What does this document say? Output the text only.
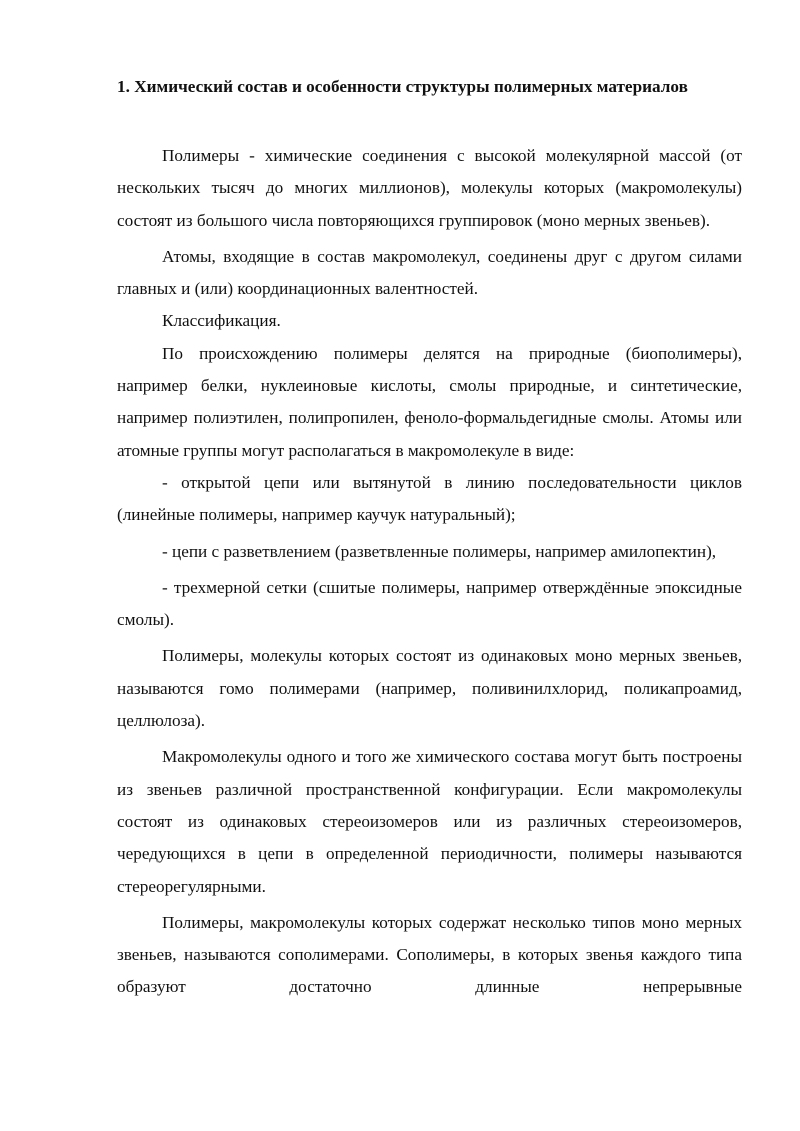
1. Химический состав и особенности структуры полимерных материалов

Полимеры - химические соединения с высокой молекулярной массой (от нескольких тысяч до многих миллионов), молекулы которых (макромолекулы) состоят из большого числа повторяющихся группировок (моно мерных звеньев).

Атомы, входящие в состав макромолекул, соединены друг с другом силами главных и (или) координационных валентностей.

Классификация.

По происхождению полимеры делятся на природные (биополимеры), например белки, нуклеиновые кислоты, смолы природные, и синтетические, например полиэтилен, полипропилен, феноло-формальдегидные смолы. Атомы или атомные группы могут располагаться в макромолекуле в виде:

- открытой цепи или вытянутой в линию последовательности циклов (линейные полимеры, например каучук натуральный);

- цепи с разветвлением (разветвленные полимеры, например амилопектин),

- трехмерной сетки (сшитые полимеры, например отверждённые эпоксидные смолы).

Полимеры, молекулы которых состоят из одинаковых моно мерных звеньев, называются гомо полимерами (например, поливинилхлорид, поликапроамид, целлюлоза).

Макромолекулы одного и того же химического состава могут быть построены из звеньев различной пространственной конфигурации. Если макромолекулы состоят из одинаковых стереоизомеров или из различных стереоизомеров, чередующихся в цепи в определенной периодичности, полимеры называются стереорегулярными.

Полимеры, макромолекулы которых содержат несколько типов моно мерных звеньев, называются сополимерами. Сополимеры, в которых звенья каждого типа образуют достаточно длинные непрерывные
